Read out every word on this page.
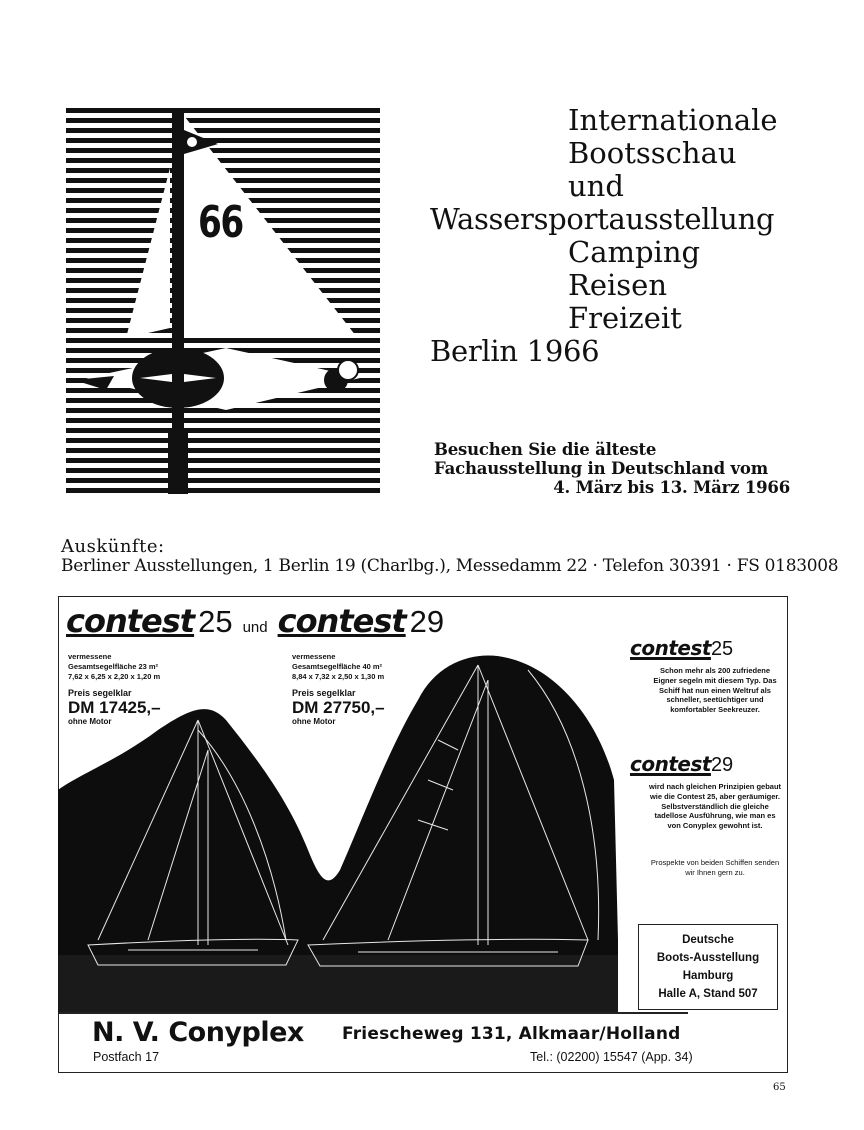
66
Internationale
Bootsschau
und
Wassersportausstellung
Camping
Reisen
Freizeit
Berlin 1966
Besuchen Sie die älteste Fachausstellung in Deutschland vom
4. März bis 13. März 1966
Auskünfte:
Berliner Ausstellungen, 1 Berlin 19 (Charlbg.), Messedamm 22 · Telefon 30391 · FS 0183008
contest 25 und contest 29
vermessene
Gesamtsegelfläche 23 m²
7,62 x 6,25 x 2,20 x 1,20 m
Preis segelklar
DM 17425,–
ohne Motor
vermessene
Gesamtsegelfläche 40 m²
8,84 x 7,32 x 2,50 x 1,30 m
Preis segelklar
DM 27750,–
ohne Motor
contest25
Schon mehr als 200 zufriedene Eigner segeln mit diesem Typ. Das Schiff hat nun einen Weltruf als schneller, seetüchtiger und komfortabler Seekreuzer.
contest29
wird nach gleichen Prinzipien gebaut wie die Contest 25, aber geräumiger. Selbstverständlich die gleiche tadellose Ausführung, wie man es von Conyplex gewohnt ist.
Prospekte von beiden Schiffen senden wir Ihnen gern zu.
Deutsche
Boots-Ausstellung
Hamburg
Halle A, Stand 507
N. V. Conyplex Friescheweg 131, Alkmaar/Holland
Postfach 17	Tel.: (02200) 15547 (App. 34)
65
